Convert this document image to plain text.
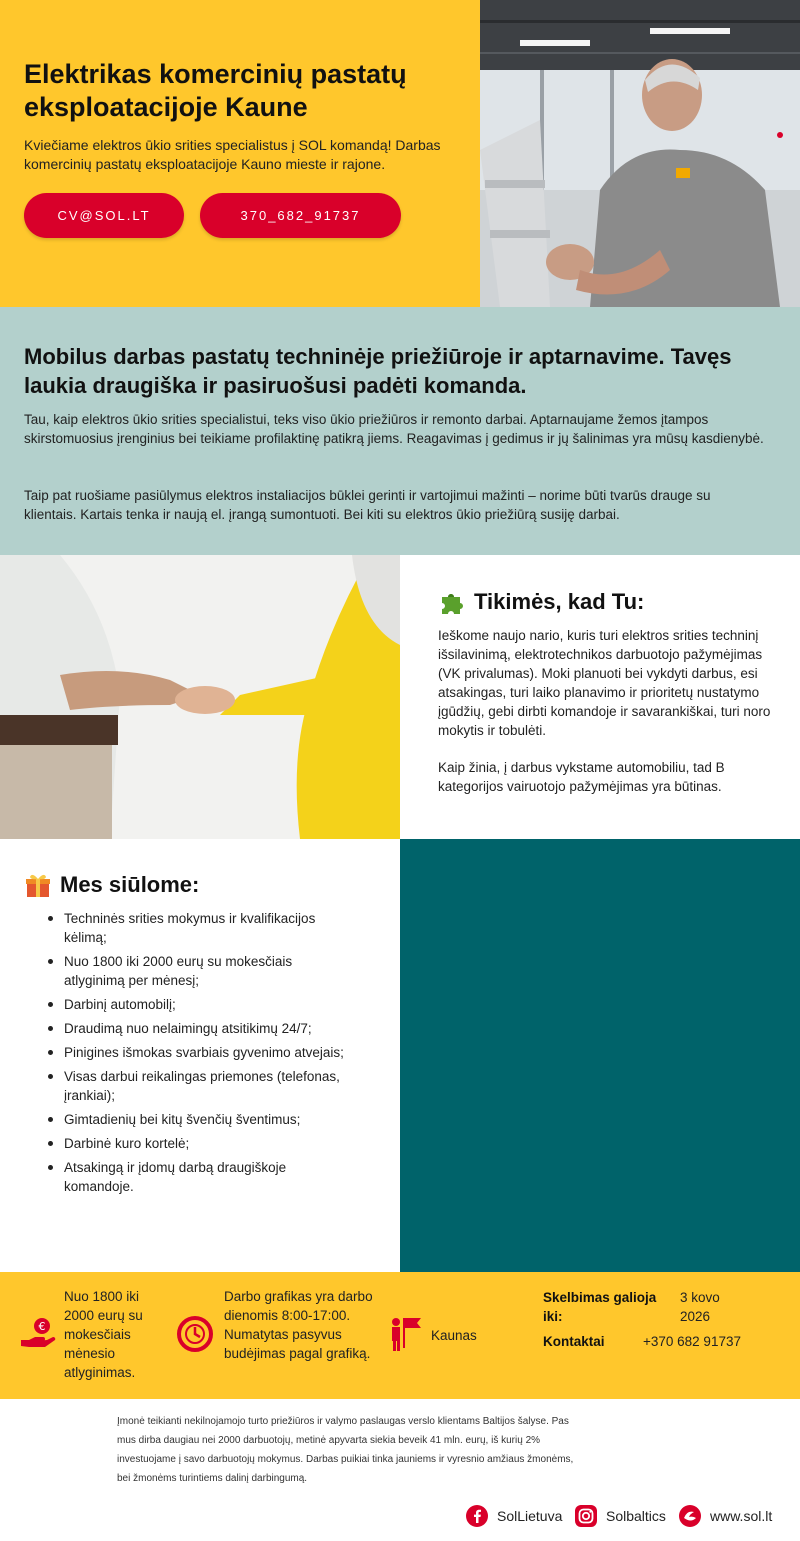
Elektrikas komercinių pastatų eksploatacijoje Kaune

Kviečiame elektros ūkio srities specialistus į SOL komandą! Darbas komercinių pastatų eksploatacijoje Kauno mieste ir rajone.

CV@SOL.LT	370_682_91737
Mobilus darbas pastatų techninėje priežiūroje ir aptarnavime. Tavęs laukia draugiška ir pasiruošusi padėti komanda.

Tau, kaip elektros ūkio srities specialistui, teks viso ūkio priežiūros ir remonto darbai. Aptarnaujame žemos įtampos skirstomuosius įrenginius bei teikiame profilaktinę patikrą jiems. Reagavimas į gedimus ir jų šalinimas yra mūsų kasdienybė.

Taip pat ruošiame pasiūlymus elektros instaliacijos būklei gerinti ir vartojimui mažinti – norime būti tvarūs drauge su klientais. Kartais tenka ir naują el. įrangą sumontuoti. Bei kiti su elektros ūkio priežiūrą susiję darbai.

Tikimės, kad Tu:

Ieškome naujo nario, kuris turi elektros srities techninį išsilavinimą, elektrotechnikos darbuotojo pažymėjimas (VK privalumas). Moki planuoti bei vykdyti darbus, esi atsakingas, turi laiko planavimo ir prioritetų nustatymo įgūdžių, gebi dirbti komandoje ir savarankiškai, turi noro mokytis ir tobulėti.

Kaip žinia, į darbus vykstame automobiliu, tad B kategorijos vairuotojo pažymėjimas yra būtinas.

Mes siūlome:
Techninės srities mokymus ir kvalifikacijos kėlimą;
Nuo 1800 iki 2000 eurų su mokesčiais atlyginimą per mėnesį;
Darbinį automobilį;
Draudimą nuo nelaimingų atsitikimų 24/7;
Pinigines išmokas svarbiais gyvenimo atvejais;
Visas darbui reikalingas priemones (telefonas, įrankiai);
Gimtadienių bei kitų švenčių šventimus;
Darbinė kuro kortelė;
Atsakingą ir įdomų darbą draugiškoje komandoje.
€
Nuo 1800 iki 2000 eurų su mokesčiais mėnesio atlyginimas.
Darbo grafikas yra darbo dienomis 8:00-17:00. Numatytas pasyvus budėjimas pagal grafiką.
Kaunas
Skelbimas galioja iki:
3 kovo 2026
Kontaktai	+370 682 91737

Įmonė teikianti nekilnojamojo turto priežiūros ir valymo paslaugas verslo klientams Baltijos šalyse. Pas mus dirba daugiau nei 2000 darbuotojų, metinė apyvarta siekia beveik 41 mln. eurų, iš kurių 2% investuojame į savo darbuotojų mokymus. Darbas puikiai tinka jauniems ir vyresnio amžiaus žmonėms, bei žmonėms turintiems dalinį darbingumą.

SolLietuva	Solbaltics	www.sol.lt
